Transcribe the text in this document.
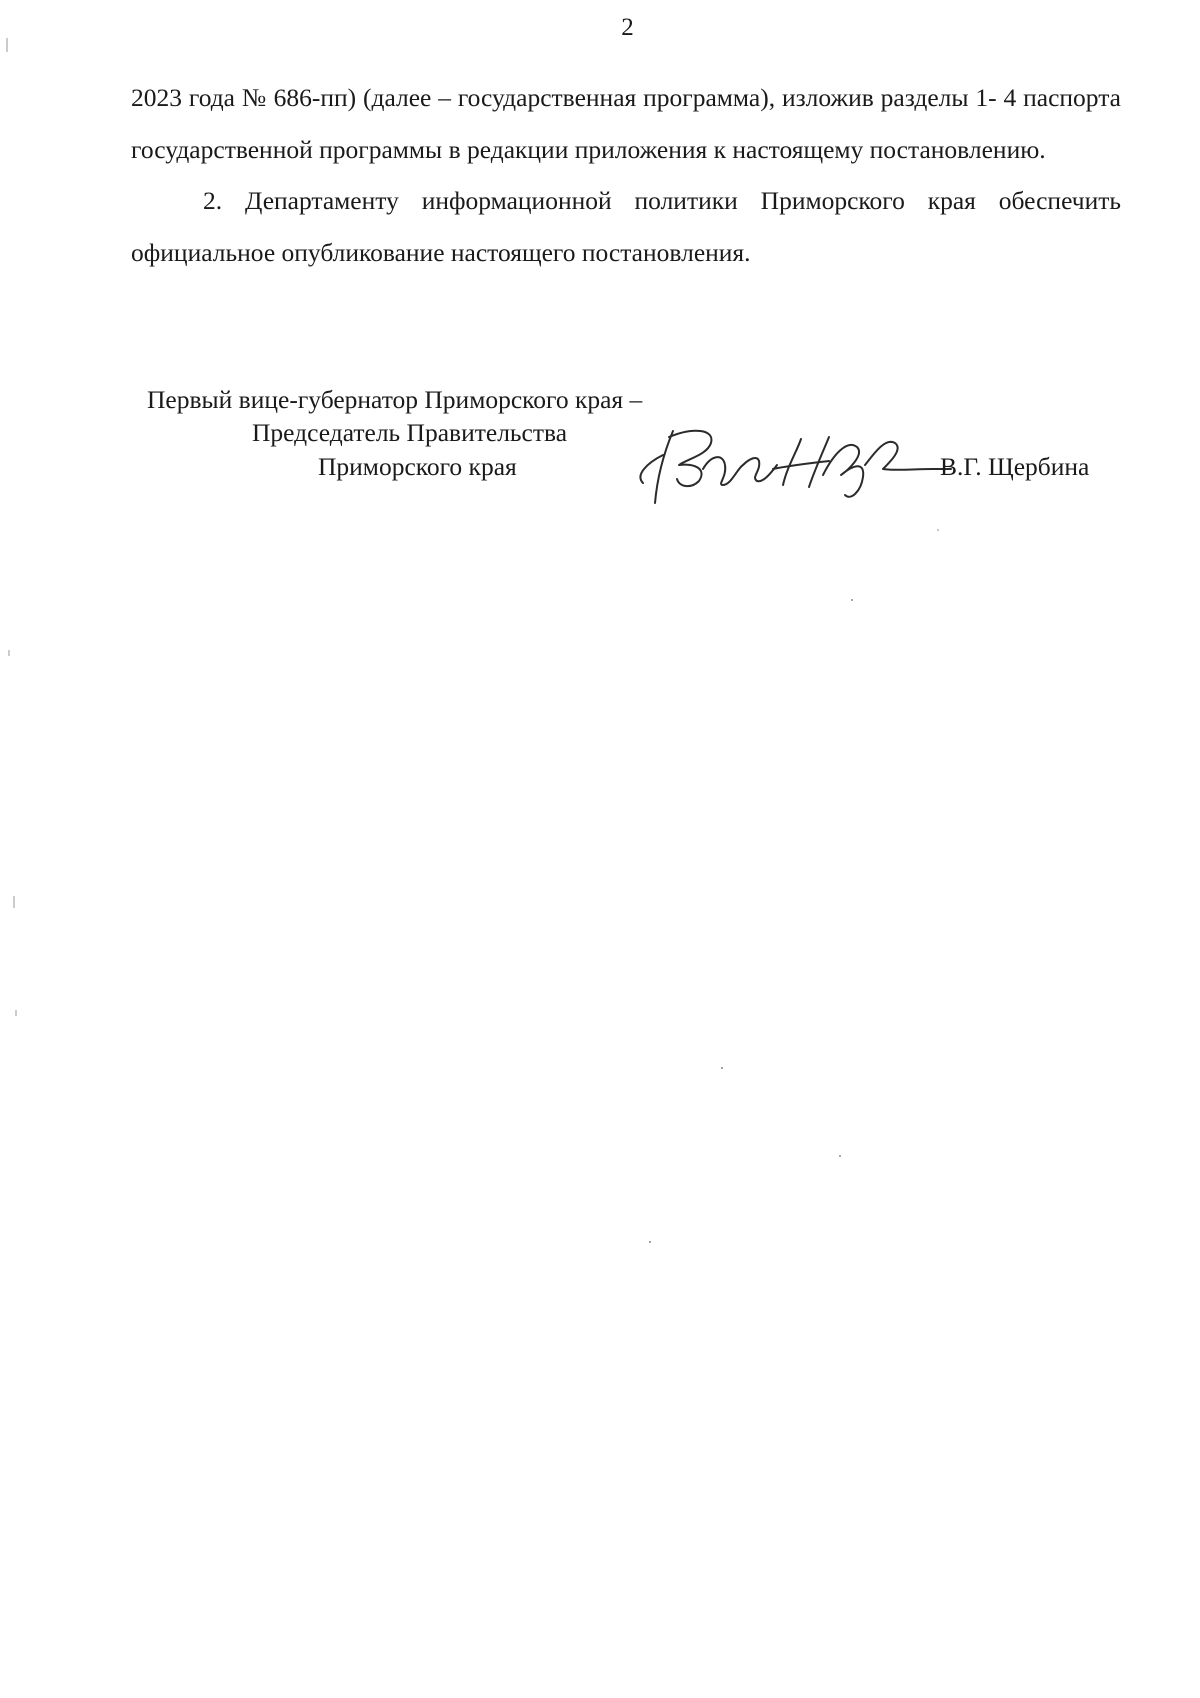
2

2023 года № 686-пп) (далее – государственная программа), изложив разделы 1- 4 паспорта государственной программы в редакции приложения к настоящему постановлению.

2. Департаменту информационной политики Приморского края обеспечить официальное опубликование настоящего постановления.

Первый вице-губернатор Приморского края –
Председатель Правительства
Приморского края	В.Г. Щербина
